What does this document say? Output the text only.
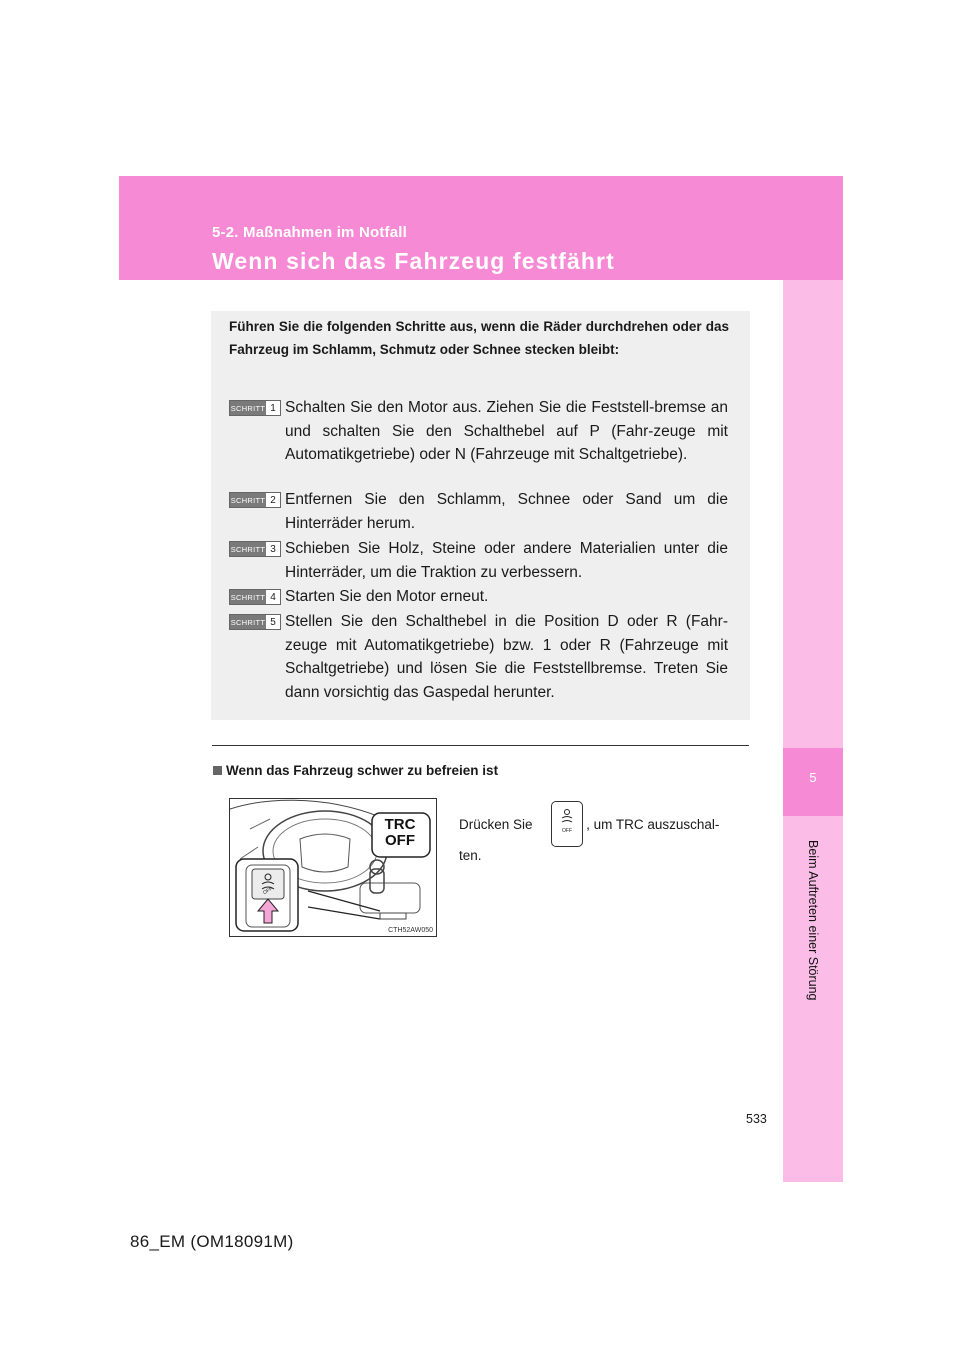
5-2. Maßnahmen im Notfall
Wenn sich das Fahrzeug festfährt
5
Beim Auftreten einer Störung
Führen Sie die folgenden Schritte aus, wenn die Räder durchdrehen oder das Fahrzeug im Schlamm, Schmutz oder Schnee stecken bleibt:
SCHRITT 1 Schalten Sie den Motor aus. Ziehen Sie die Feststell-bremse an und schalten Sie den Schalthebel auf P (Fahr-zeuge mit Automatikgetriebe) oder N (Fahrzeuge mit Schaltgetriebe).
SCHRITT 2 Entfernen Sie den Schlamm, Schnee oder Sand um die Hinterräder herum.
SCHRITT 3 Schieben Sie Holz, Steine oder andere Materialien unter die Hinterräder, um die Traktion zu verbessern.
SCHRITT 4 Starten Sie den Motor erneut.
SCHRITT 5 Stellen Sie den Schalthebel in die Position D oder R (Fahr-zeuge mit Automatikgetriebe) bzw. 1 oder R (Fahrzeuge mit Schaltgetriebe) und lösen Sie die Feststellbremse. Treten Sie dann vorsichtig das Gaspedal herunter.
Wenn das Fahrzeug schwer zu befreien ist
TRC
OFF
OFF
CTH52AW050
Drücken Sie	, um TRC auszuschal-
OFF
ten.
533
86_EM (OM18091M)
